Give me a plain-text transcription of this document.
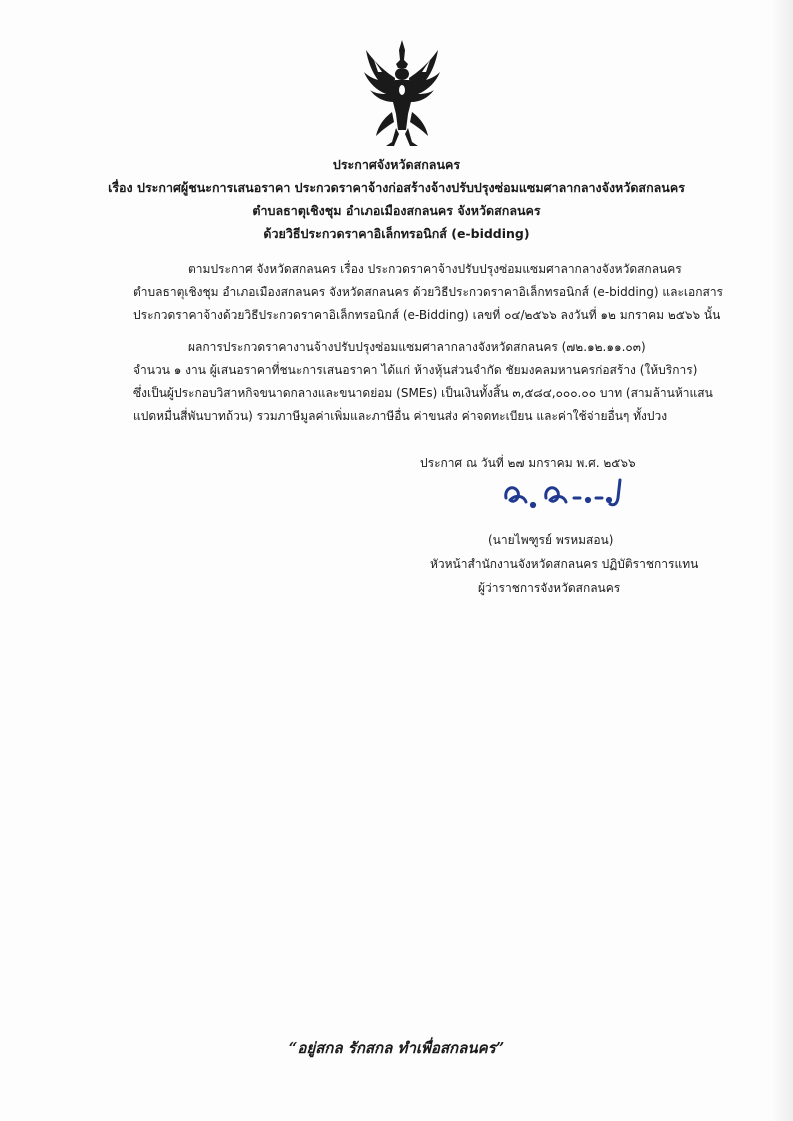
ประกาศจังหวัดสกลนคร
เรื่อง ประกาศผู้ชนะการเสนอราคา ประกวดราคาจ้างก่อสร้างจ้างปรับปรุงซ่อมแซมศาลากลางจังหวัดสกลนคร
ตำบลธาตุเชิงชุม อำเภอเมืองสกลนคร จังหวัดสกลนคร
ด้วยวิธีประกวดราคาอิเล็กทรอนิกส์ (e-bidding)
ตามประกาศ จังหวัดสกลนคร เรื่อง ประกวดราคาจ้างปรับปรุงซ่อมแซมศาลากลางจังหวัดสกลนคร
ตำบลธาตุเชิงชุม อำเภอเมืองสกลนคร จังหวัดสกลนคร ด้วยวิธีประกวดราคาอิเล็กทรอนิกส์ (e-bidding) และเอกสาร
ประกวดราคาจ้างด้วยวิธีประกวดราคาอิเล็กทรอนิกส์ (e-Bidding) เลขที่ ๐๔/๒๕๖๖ ลงวันที่ ๑๒ มกราคม ๒๕๖๖ นั้น
ผลการประกวดราคางานจ้างปรับปรุงซ่อมแซมศาลากลางจังหวัดสกลนคร (๗๒.๑๒.๑๑.๐๓)
จำนวน ๑ งาน ผู้เสนอราคาที่ชนะการเสนอราคา ได้แก่ ห้างหุ้นส่วนจำกัด ชัยมงคลมหานครก่อสร้าง (ให้บริการ)
ซึ่งเป็นผู้ประกอบวิสาหกิจขนาดกลางและขนาดย่อม (SMEs) เป็นเงินทั้งสิ้น ๓,๕๘๔,๐๐๐.๐๐ บาท (สามล้านห้าแสน
แปดหมื่นสี่พันบาทถ้วน) รวมภาษีมูลค่าเพิ่มและภาษีอื่น ค่าขนส่ง ค่าจดทะเบียน และค่าใช้จ่ายอื่นๆ ทั้งปวง
ประกาศ ณ วันที่ ๒๗ มกราคม พ.ศ. ๒๕๖๖
(นายไพฑูรย์ พรหมสอน)
หัวหน้าสำนักงานจังหวัดสกลนคร ปฏิบัติราชการแทน
ผู้ว่าราชการจังหวัดสกลนคร
“อยู่สกล รักสกล ทำเพื่อสกลนคร”
